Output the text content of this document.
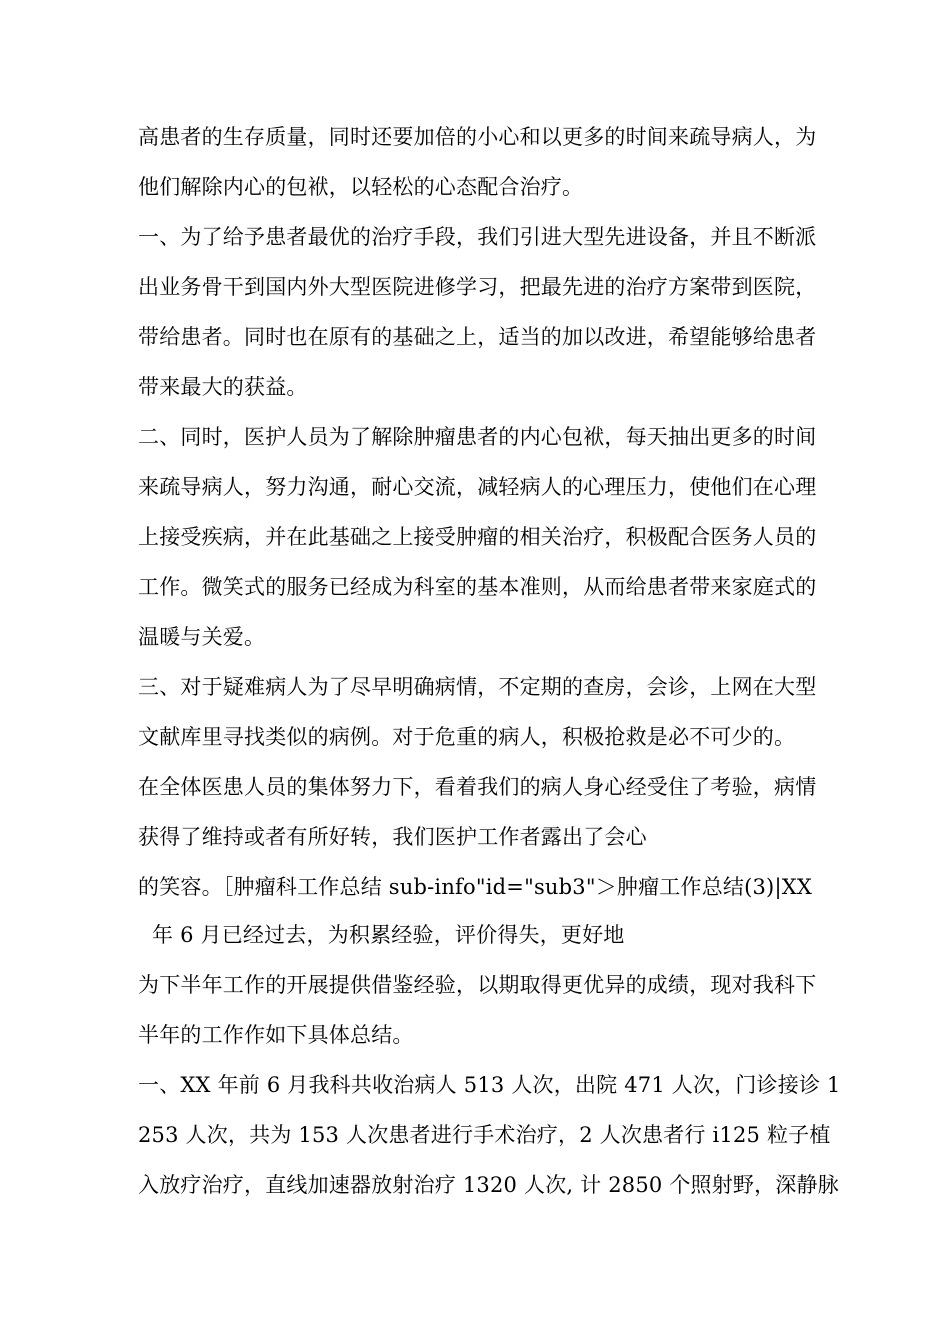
高患者的生存质量，同时还要加倍的小心和以更多的时间来疏导病人，为
他们解除内心的包袱，以轻松的心态配合治疗。
一、为了给予患者最优的治疗手段，我们引进大型先进设备，并且不断派
出业务骨干到国内外大型医院进修学习，把最先进的治疗方案带到医院，
带给患者。同时也在原有的基础之上，适当的加以改进，希望能够给患者
带来最大的获益。
二、同时，医护人员为了解除肿瘤患者的内心包袱，每天抽出更多的时间
来疏导病人，努力沟通，耐心交流，减轻病人的心理压力，使他们在心理
上接受疾病，并在此基础之上接受肿瘤的相关治疗，积极配合医务人员的
工作。微笑式的服务已经成为科室的基本准则，从而给患者带来家庭式的
温暖与关爱。
三、对于疑难病人为了尽早明确病情，不定期的查房，会诊，上网在大型
文献库里寻找类似的病例。对于危重的病人，积极抢救是必不可少的。
在全体医患人员的集体努力下，看着我们的病人身心经受住了考验，病情
获得了维持或者有所好转，我们医护工作者露出了会心
的笑容。［肿瘤科工作总结 sub-info"id="sub3"＞肿瘤工作总结(3)|XX
年 6 月已经过去，为积累经验，评价得失，更好地
为下半年工作的开展提供借鉴经验，以期取得更优异的成绩，现对我科下
半年的工作作如下具体总结。
一、XX 年前 6 月我科共收治病人 513 人次，出院 471 人次，门诊接诊 1
253 人次，共为 153 人次患者进行手术治疗，2 人次患者行 i125 粒子植
入放疗治疗，直线加速器放射治疗 1320 人次, 计 2850 个照射野，深静脉
